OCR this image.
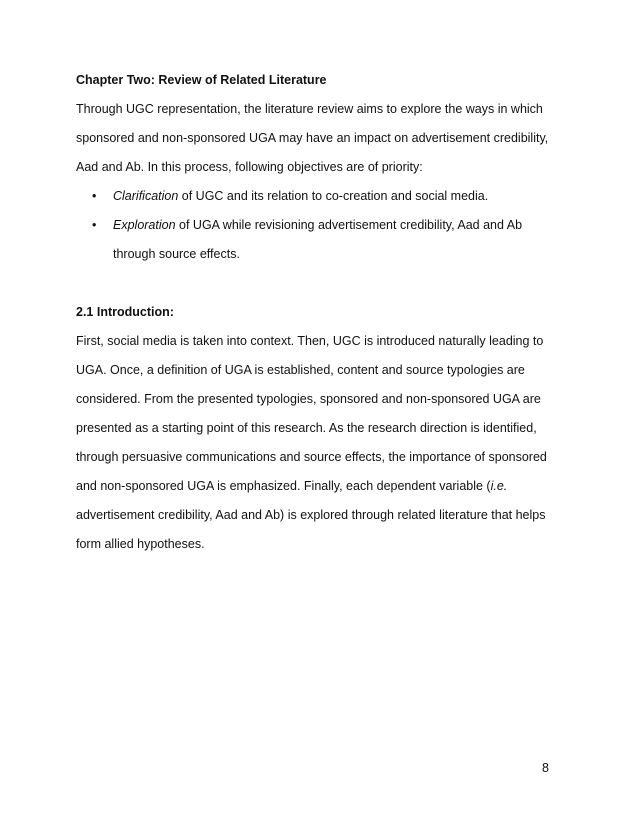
Chapter Two: Review of Related Literature

Through UGC representation, the literature review aims to explore the ways in which
sponsored and non-sponsored UGA may have an impact on advertisement credibility,
Aad and Ab. In this process, following objectives are of priority:

• Clarification of UGC and its relation to co-creation and social media.
• Exploration of UGA while revisioning advertisement credibility, Aad and Ab
through source effects.

2.1 Introduction:

First, social media is taken into context. Then, UGC is introduced naturally leading to
UGA. Once, a definition of UGA is established, content and source typologies are
considered. From the presented typologies, sponsored and non-sponsored UGA are
presented as a starting point of this research. As the research direction is identified,
through persuasive communications and source effects, the importance of sponsored
and non-sponsored UGA is emphasized. Finally, each dependent variable (i.e.
advertisement credibility, Aad and Ab) is explored through related literature that helps
form allied hypotheses.

8
